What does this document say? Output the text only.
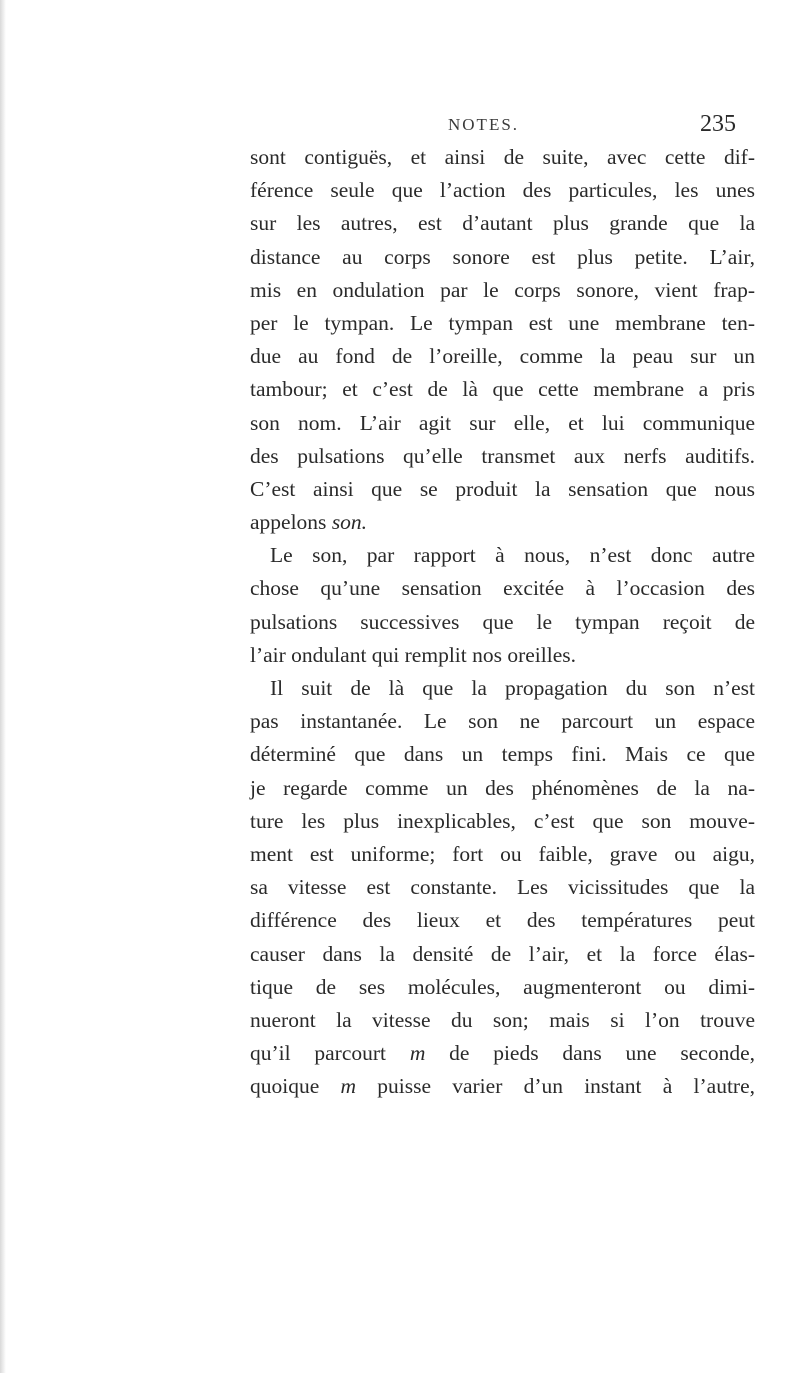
NOTES.	235
sont contiguës, et ainsi de suite, avec cette dif-
férence seule que l’action des particules, les unes
sur les autres, est d’autant plus grande que la
distance au corps sonore est plus petite. L’air,
mis en ondulation par le corps sonore, vient frap-
per le tympan. Le tympan est une membrane ten-
due au fond de l’oreille, comme la peau sur un
tambour; et c’est de là que cette membrane a pris
son nom. L’air agit sur elle, et lui communique
des pulsations qu’elle transmet aux nerfs auditifs.
C’est ainsi que se produit la sensation que nous
appelons son.
Le son, par rapport à nous, n’est donc autre
chose qu’une sensation excitée à l’occasion des
pulsations successives que le tympan reçoit de
l’air ondulant qui remplit nos oreilles.
Il suit de là que la propagation du son n’est
pas instantanée. Le son ne parcourt un espace
déterminé que dans un temps fini. Mais ce que
je regarde comme un des phénomènes de la na-
ture les plus inexplicables, c’est que son mouve-
ment est uniforme; fort ou faible, grave ou aigu,
sa vitesse est constante. Les vicissitudes que la
différence des lieux et des températures peut
causer dans la densité de l’air, et la force élas-
tique de ses molécules, augmenteront ou dimi-
nueront la vitesse du son; mais si l’on trouve
qu’il parcourt m de pieds dans une seconde,
quoique m puisse varier d’un instant à l’autre,
